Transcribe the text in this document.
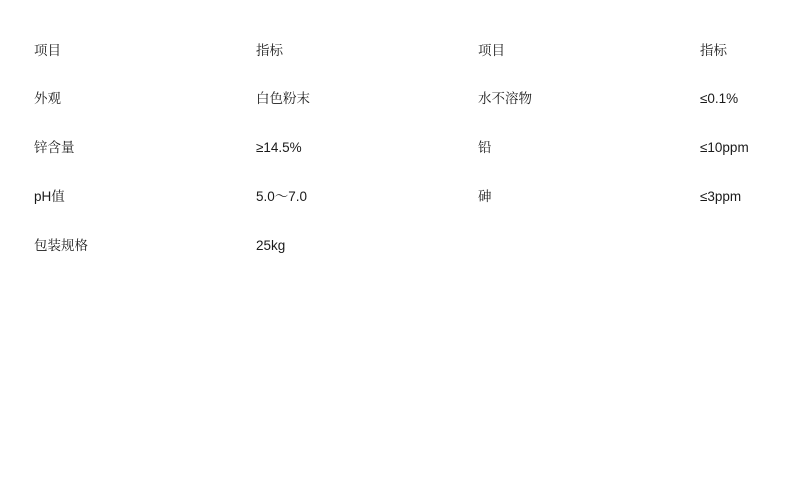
项目	指标	项目	指标
外观	白色粉末	水不溶物	≤0.1%
锌含量	≥14.5%	铅	≤10ppm
pH值	5.0～7.0	砷	≤3ppm
包装规格	25kg		
